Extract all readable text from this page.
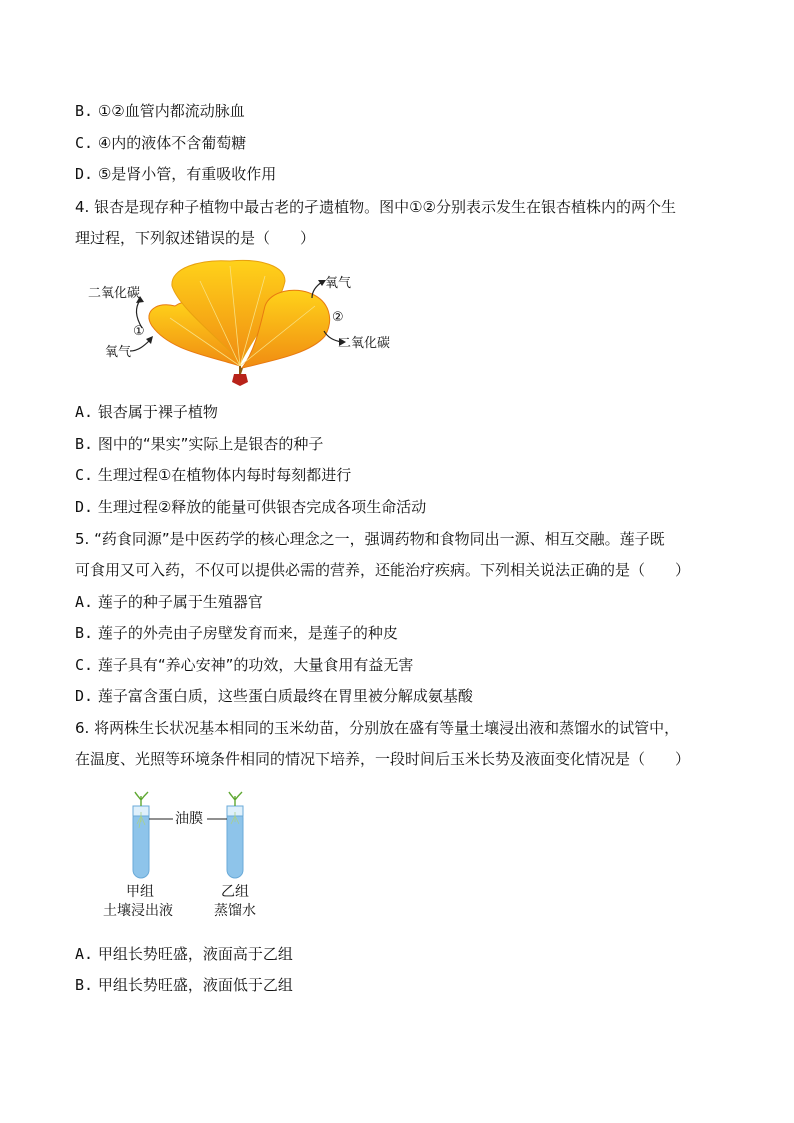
B. ①②血管内都流动脉血
C. ④内的液体不含葡萄糖
D. ⑤是肾小管，有重吸收作用
4. 银杏是现存种子植物中最古老的孑遗植物。图中①②分别表示发生在银杏植株内的两个生
理过程，下列叙述错误的是（　　）
二氧化碳
①
氧气
氧气
②
二氧化碳
A. 银杏属于裸子植物
B. 图中的“果实”实际上是银杏的种子
C. 生理过程①在植物体内每时每刻都进行
D. 生理过程②释放的能量可供银杏完成各项生命活动
5. “药食同源”是中医药学的核心理念之一，强调药物和食物同出一源、相互交融。莲子既
可食用又可入药，不仅可以提供必需的营养，还能治疗疾病。下列相关说法正确的是（　　）
A. 莲子的种子属于生殖器官
B. 莲子的外壳由子房壁发育而来，是莲子的种皮
C. 莲子具有“养心安神”的功效，大量食用有益无害
D. 莲子富含蛋白质，这些蛋白质最终在胃里被分解成氨基酸
6. 将两株生长状况基本相同的玉米幼苗，分别放在盛有等量土壤浸出液和蒸馏水的试管中，
在温度、光照等环境条件相同的情况下培养，一段时间后玉米长势及液面变化情况是（　　）
油膜
甲组
土壤浸出液
乙组
蒸馏水
A. 甲组长势旺盛，液面高于乙组
B. 甲组长势旺盛，液面低于乙组
